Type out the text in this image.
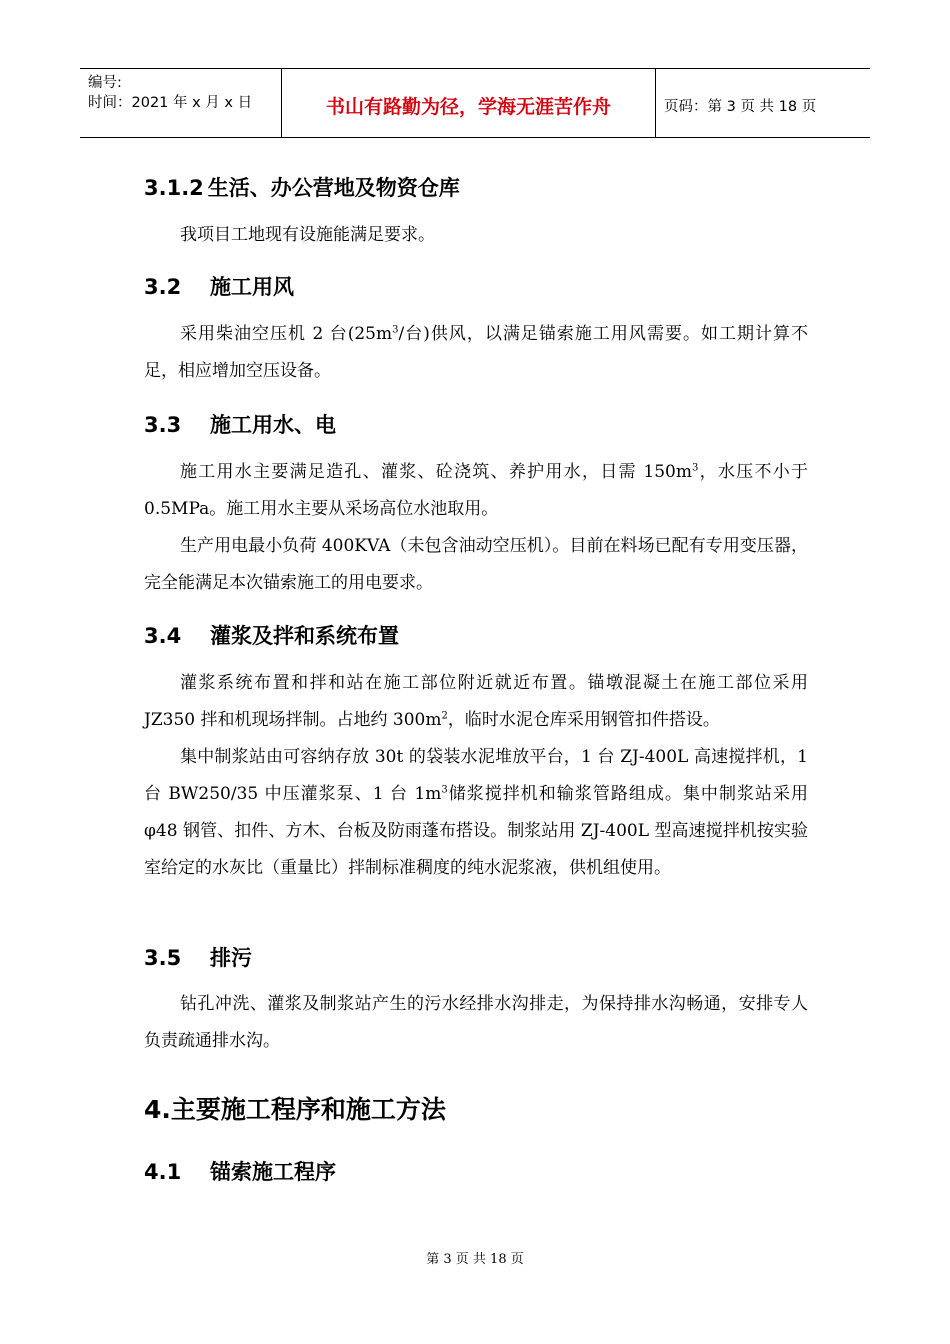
编号:
时间：2021 年 x 月 x 日	书山有路勤为径，学海无涯苦作舟	页码：第 3 页 共 18 页
3.1.2 生活、办公营地及物资仓库
我项目工地现有设施能满足要求。
3.2 施工用风
采用柴油空压机 2 台($25m^3/$台)供风，以满足锚索施工用风需要。如工期计算不足，相应增加空压设备。
3.3 施工用水、电
施工用水主要满足造孔、灌浆、砼浇筑、养护用水，日需 $150m^3$，水压不小于 0.5MPa。施工用水主要从采场高位水池取用。
生产用电最小负荷 400KVA（未包含油动空压机）。目前在料场已配有专用变压器，完全能满足本次锚索施工的用电要求。
3.4 灌浆及拌和系统布置
灌浆系统布置和拌和站在施工部位附近就近布置。锚墩混凝土在施工部位采用 JZ350 拌和机现场拌制。占地约 $300m^2$，临时水泥仓库采用钢管扣件搭设。
集中制浆站由可容纳存放 30t 的袋装水泥堆放平台，1 台 ZJ-400L 高速搅拌机，1 台 BW250/35 中压灌浆泵、1 台 $1m^3$储浆搅拌机和输浆管路组成。集中制浆站采用 φ48 钢管、扣件、方木、台板及防雨蓬布搭设。制浆站用 ZJ-400L 型高速搅拌机按实验室给定的水灰比（重量比）拌制标准稠度的纯水泥浆液，供机组使用。
3.5 排污
钻孔冲洗、灌浆及制浆站产生的污水经排水沟排走，为保持排水沟畅通，安排专人负责疏通排水沟。
4.主要施工程序和施工方法
4.1 锚索施工程序
第 3 页 共 18 页
